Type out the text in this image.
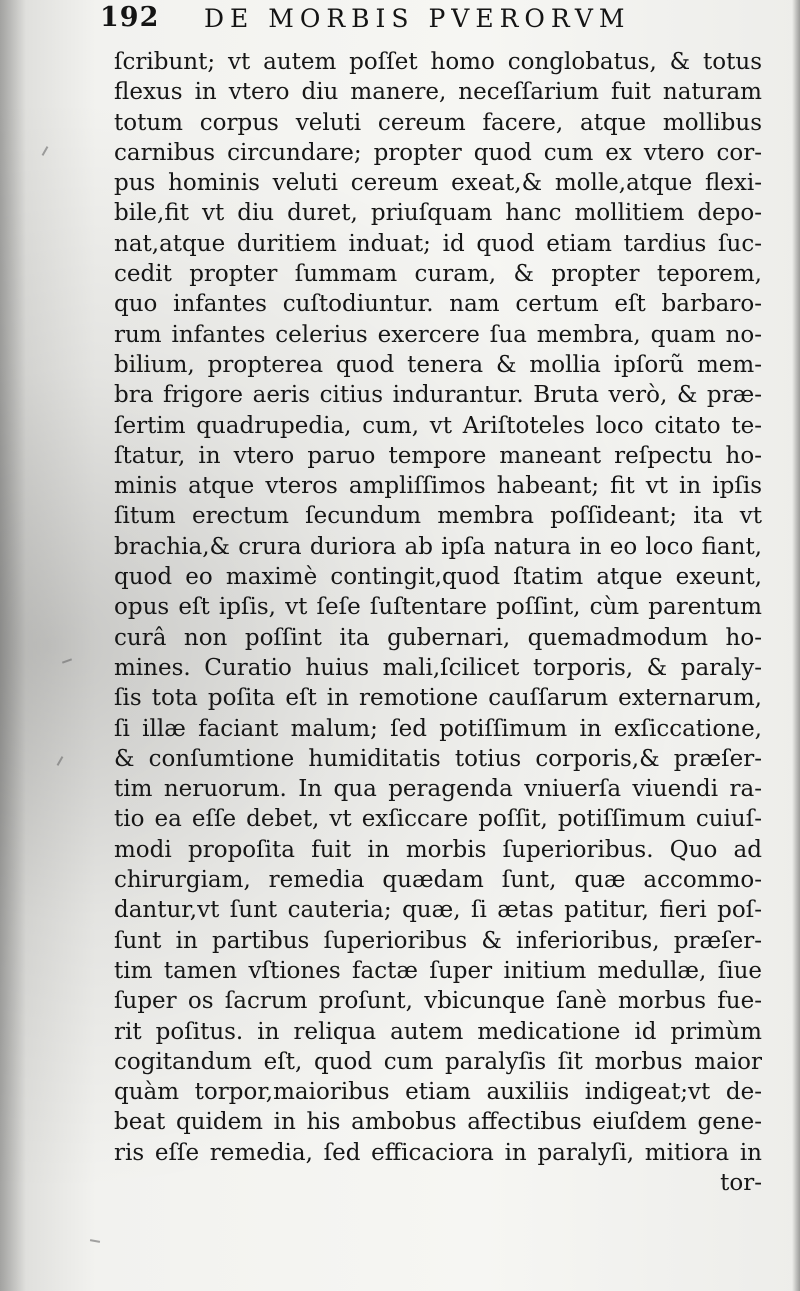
192 DE MORBIS PVERORVM
ſcribunt; vt autem poſſet homo conglobatus, & totus
flexus in vtero diu manere, neceſſarium fuit naturam
totum corpus veluti cereum facere, atque mollibus
carnibus circundare; propter quod cum ex vtero cor-
pus hominis veluti cereum exeat,& molle,atque flexi-
bile,fit vt diu duret, priuſquam hanc mollitiem depo-
nat,atque duritiem induat; id quod etiam tardius ſuc-
cedit propter ſummam curam, & propter teporem,
quo infantes cuſtodiuntur. nam certum eſt barbaro-
rum infantes celerius exercere ſua membra, quam no-
bilium, propterea quod tenera & mollia ipſorũ mem-
bra frigore aeris citius indurantur. Bruta verò, & præ-
ſertim quadrupedia, cum, vt Ariſtoteles loco citato te-
ſtatur, in vtero paruo tempore maneant reſpectu ho-
minis atque vteros ampliſſimos habeant; fit vt in ipſis
ſitum erectum ſecundum membra poſſideant; ita vt
brachia,& crura duriora ab ipſa natura in eo loco fiant,
quod eo maximè contingit,quod ſtatim atque exeunt,
opus eſt ipſis, vt ſeſe ſuſtentare poſſint, cùm parentum
curâ non poſſint ita gubernari, quemadmodum ho-
mines. Curatio huius mali,ſcilicet torporis, & paraly-
ſis tota poſita eſt in remotione cauſſarum externarum,
ſi illæ faciant malum; ſed potiſſimum in exſiccatione,
& conſumtione humiditatis totius corporis,& præſer-
tim neruorum. In qua peragenda vniuerſa viuendi ra-
tio ea eſſe debet, vt exſiccare poſſit, potiſſimum cuiuſ-
modi propoſita fuit in morbis ſuperioribus. Quo ad
chirurgiam, remedia quædam ſunt, quæ accommo-
dantur,vt ſunt cauteria; quæ, ſi ætas patitur, fieri poſ-
ſunt in partibus ſuperioribus & inferioribus, præſer-
tim tamen vſtiones factæ ſuper initium medullæ, ſiue
ſuper os ſacrum proſunt, vbicunque ſanè morbus fue-
rit poſitus. in reliqua autem medicatione id primùm
cogitandum eſt, quod cum paralyſis ſit morbus maior
quàm torpor,maioribus etiam auxiliis indigeat;vt de-
beat quidem in his ambobus affectibus eiuſdem gene-
ris eſſe remedia, ſed efficaciora in paralyſi, mitiora in
tor-
